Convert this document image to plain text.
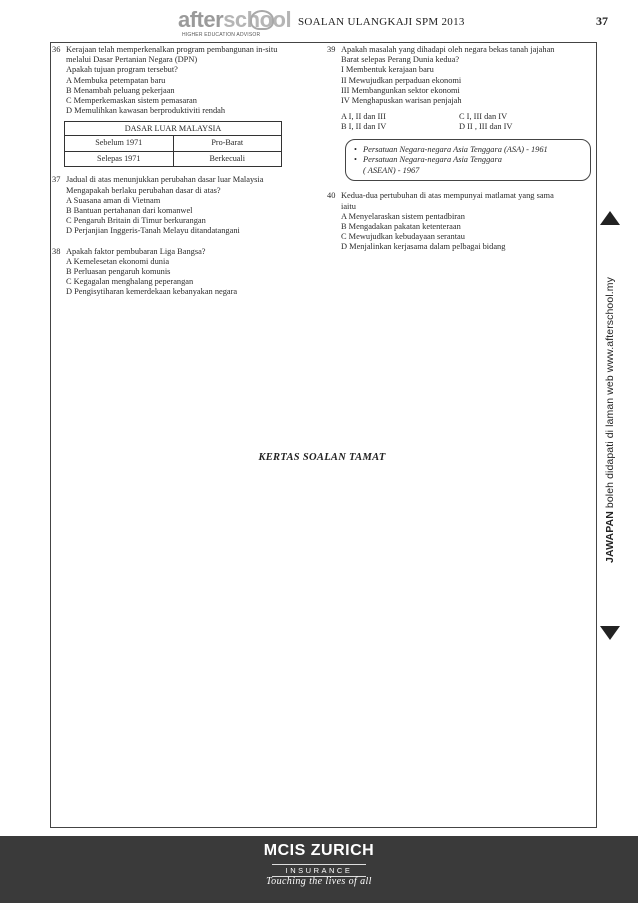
afterschool
HIGHER EDUCATION ADVISOR
SOALAN ULANGKAJI SPM 2013	37
36 Kerajaan telah memperkenalkan program pembangunan in-situ
melalui Dasar Pertanian Negara (DPN)
Apakah tujuan program tersebut?
A Membuka petempatan baru
B Menambah peluang pekerjaan
C Memperkemaskan sistem pemasaran
D Memulihkan kawasan berproduktiviti rendah
DASAR LUAR MALAYSIA
Sebelum 1971	Pro-Barat
Selepas 1971	Berkecuali
37 Jadual di atas menunjukkan perubahan dasar luar Malaysia
Mengapakah berlaku perubahan dasar di atas?
A Suasana aman di Vietnam
B Bantuan pertahanan dari komanwel
C Pengaruh Britain di Timur berkurangan
D Perjanjian Inggeris-Tanah Melayu ditandatangani
38 Apakah faktor pembubaran Liga Bangsa?
A Kemelesetan ekonomi dunia
B Perluasan pengaruh komunis
C Kegagalan menghalang peperangan
D Pengisytiharan kemerdekaan kebanyakan negara
39 Apakah masalah yang dihadapi oleh negara bekas tanah jajahan
Barat selepas Perang Dunia kedua?
I Membentuk kerajaan baru
II Mewujudkan perpaduan ekonomi
III Membangunkan sektor ekonomi
IV Menghapuskan warisan penjajah
A I, II dan III	C I, III dan IV
B I, II dan IV	D II , III dan IV
• Persatuan Negara-negara Asia Tenggara (ASA) - 1961
• Persatuan Negara-negara Asia Tenggara
( ASEAN) - 1967
40 Kedua-dua pertubuhan di atas mempunyai matlamat yang sama
iaitu
A Menyelaraskan sistem pentadbiran
B Mengadakan pakatan ketenteraan
C Mewujudkan kebudayaan serantau
D Menjalinkan kerjasama dalam pelbagai bidang
KERTAS SOALAN TAMAT
JAWAPAN boleh didapati di laman web www.afterschool.my
MCIS ZURICH
INSURANCE
Touching the lives of all
